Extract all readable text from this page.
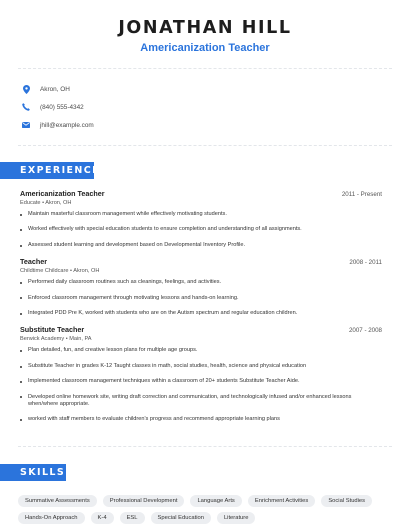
JONATHAN HILL
Americanization Teacher
Akron, OH
(840) 555-4342
jhill@example.com
EXPERIENCE
Americanization Teacher	2011 - Present
Educate • Akron, OH
Maintain masterful classroom management while effectively motivating students.
Worked effectively with special education students to ensure completion and understanding of all assignments.
Assessed student learning and development based on Developmental Inventory Profile.
Teacher	2008 - 2011
Childtime Childcare • Akron, OH
Performed daily classroom routines such as cleanings, feelings, and activities.
Enforced classroom management through motivating lessons and hands-on learning.
Integrated PDD Pre K, worked with students who are on the Autism spectrum and regular education children.
Substitute Teacher	2007 - 2008
Berwick Academy • Main, PA
Plan detailed, fun, and creative lesson plans for multiple age groups.
Substitute Teacher in grades K-12 Taught classes in math, social studies, health, science and physical education
Implemented classroom management techniques within a classroom of 20+ students Substitute Teacher Aide.
Developed online homework site, writing draft correction and communication, and technologically infused and/or enhanced lessons when/where appropriate.
worked with staff members to evaluate children's progress and recommend appropriate learning plans
SKILLS
Summative Assessments	Professional Development	Language Arts	Enrichment Activities	Social Studies
Hands-On Approach	K-4	ESL	Special Education	Literature
